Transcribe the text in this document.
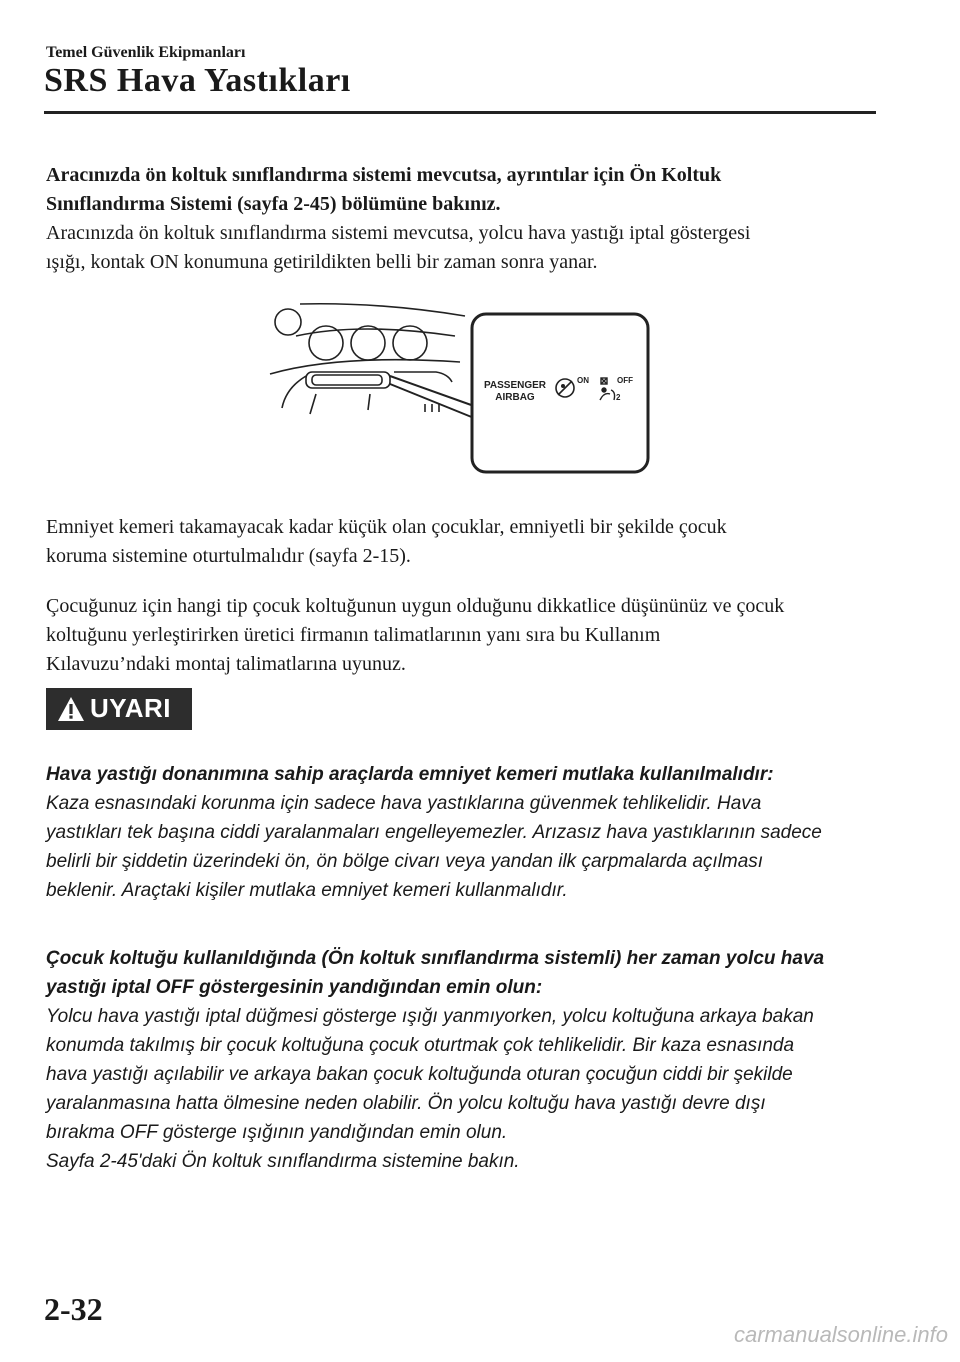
Temel Güvenlik Ekipmanları
SRS Hava Yastıkları
Aracınızda ön koltuk sınıflandırma sistemi mevcutsa, ayrıntılar için Ön Koltuk
Sınıflandırma Sistemi (sayfa 2-45) bölümüne bakınız.
Aracınızda ön koltuk sınıflandırma sistemi mevcutsa, yolcu hava yastığı iptal göstergesi
ışığı, kontak ON konumuna getirildikten belli bir zaman sonra yanar.
PASSENGER
AIRBAG
ON	OFF
2
Emniyet kemeri takamayacak kadar küçük olan çocuklar, emniyetli bir şekilde çocuk
koruma sistemine oturtulmalıdır (sayfa 2-15).
Çocuğunuz için hangi tip çocuk koltuğunun uygun olduğunu dikkatlice düşününüz ve çocuk
koltuğunu yerleştirirken üretici firmanın talimatlarının yanı sıra bu Kullanım
Kılavuzu’ndaki montaj talimatlarına uyunuz.
UYARI
Hava yastığı donanımına sahip araçlarda emniyet kemeri mutlaka kullanılmalıdır:
Kaza esnasındaki korunma için sadece hava yastıklarına güvenmek tehlikelidir. Hava
yastıkları tek başına ciddi yaralanmaları engelleyemezler. Arızasız hava yastıklarının sadece
belirli bir şiddetin üzerindeki ön, ön bölge civarı veya yandan ilk çarpmalarda açılması
beklenir. Araçtaki kişiler mutlaka emniyet kemeri kullanmalıdır.
Çocuk koltuğu kullanıldığında (Ön koltuk sınıflandırma sistemli) her zaman yolcu hava
yastığı iptal OFF göstergesinin yandığından emin olun:
Yolcu hava yastığı iptal düğmesi gösterge ışığı yanmıyorken, yolcu koltuğuna arkaya bakan
konumda takılmış bir çocuk koltuğuna çocuk oturtmak çok tehlikelidir. Bir kaza esnasında
hava yastığı açılabilir ve arkaya bakan çocuk koltuğunda oturan çocuğun ciddi bir şekilde
yaralanmasına hatta ölmesine neden olabilir. Ön yolcu koltuğu hava yastığı devre dışı
bırakma OFF gösterge ışığının yandığından emin olun.
Sayfa 2-45'daki Ön koltuk sınıflandırma sistemine bakın.
2-32
carmanualsonline.info
